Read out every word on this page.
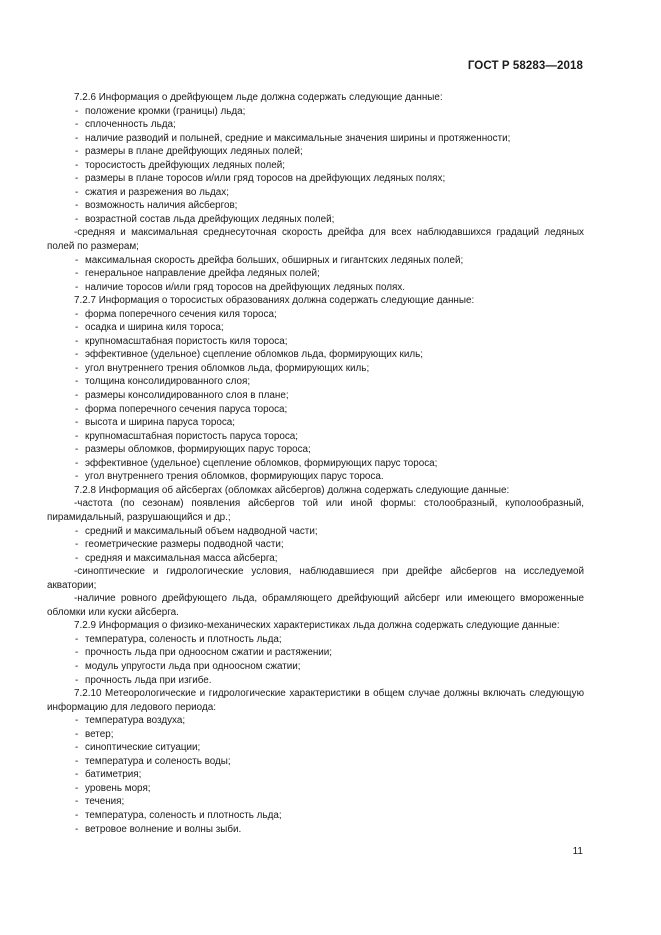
ГОСТ Р 58283—2018

7.2.6 Информация о дрейфующем льде должна содержать следующие данные:

- положение кромки (границы) льда;

- сплоченность льда;

- наличие разводий и полыней, средние и максимальные значения ширины и протяженности;

- размеры в плане дрейфующих ледяных полей;

- торосистость дрейфующих ледяных полей;

- размеры в плане торосов и/или гряд торосов на дрейфующих ледяных полях;

- сжатия и разрежения во льдах;

- возможность наличия айсбергов;

- возрастной состав льда дрейфующих ледяных полей;

-средняя и максимальная среднесуточная скорость дрейфа для всех наблюдавшихся градаций ледяных полей по размерам;

- максимальная скорость дрейфа больших, обширных и гигантских ледяных полей;

- генеральное направление дрейфа ледяных полей;

- наличие торосов и/или гряд торосов на дрейфующих ледяных полях.

7.2.7 Информация о торосистых образованиях должна содержать следующие данные:

- форма поперечного сечения киля тороса;

- осадка и ширина киля тороса;

- крупномасштабная пористость киля тороса;

- эффективное (удельное) сцепление обломков льда, формирующих киль;

- угол внутреннего трения обломков льда, формирующих киль;

- толщина консолидированного слоя;

- размеры консолидированного слоя в плане;

- форма поперечного сечения паруса тороса;

- высота и ширина паруса тороса;

- крупномасштабная пористость паруса тороса;

- размеры обломков, формирующих парус тороса;

- эффективное (удельное) сцепление обломков, формирующих парус тороса;

- угол внутреннего трения обломков, формирующих парус тороса.

7.2.8 Информация об айсбергах (обломках айсбергов) должна содержать следующие данные:

-частота (по сезонам) появления айсбергов той или иной формы: столообразный, куполообразный, пирамидальный, разрушающийся и др.;

- средний и максимальный объем надводной части;

- геометрические размеры подводной части;

- средняя и максимальная масса айсберга;

-синоптические и гидрологические условия, наблюдавшиеся при дрейфе айсбергов на исследуемой акватории;

-наличие ровного дрейфующего льда, обрамляющего дрейфующий айсберг или имеющего вмороженные обломки или куски айсберга.

7.2.9 Информация о физико-механических характеристиках льда должна содержать следующие данные:

- температура, соленость и плотность льда;

- прочность льда при одноосном сжатии и растяжении;

- модуль упругости льда при одноосном сжатии;

- прочность льда при изгибе.

7.2.10 Метеорологические и гидрологические характеристики в общем случае должны включать следующую информацию для ледового периода:

- температура воздуха;

- ветер;

- синоптические ситуации;

- температура и соленость воды;

- батиметрия;

- уровень моря;

- течения;

- температура, соленость и плотность льда;

- ветровое волнение и волны зыби.

11
